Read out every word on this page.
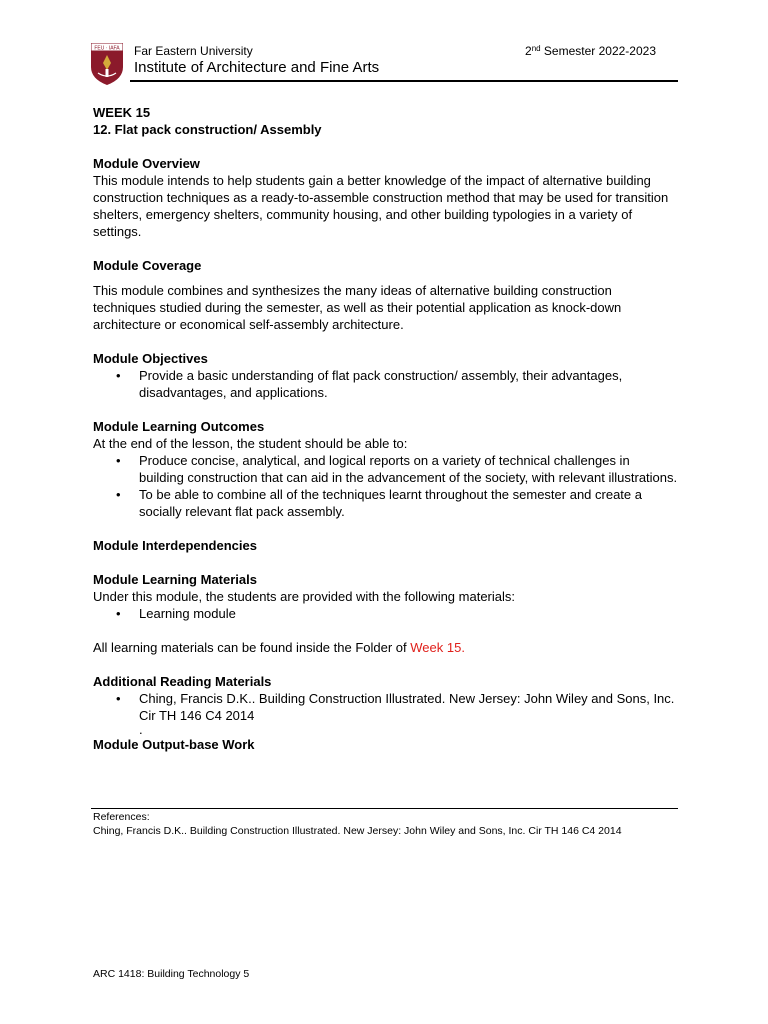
FEU · IAFA Far Eastern University
Institute of Architecture and Fine Arts
2nd Semester 2022-2023

WEEK 15

12. Flat pack construction/ Assembly

Module Overview

This module intends to help students gain a better knowledge of the impact of alternative building construction techniques as a ready-to-assemble construction method that may be used for transition shelters, emergency shelters, community housing, and other building typologies in a variety of settings.

Module Coverage

This module combines and synthesizes the many ideas of alternative building construction techniques studied during the semester, as well as their potential application as knock-down architecture or economical self-assembly architecture.

Module Objectives

• Provide a basic understanding of flat pack construction/ assembly, their advantages, disadvantages, and applications.

Module Learning Outcomes

At the end of the lesson, the student should be able to:

• Produce concise, analytical, and logical reports on a variety of technical challenges in building construction that can aid in the advancement of the society, with relevant illustrations.
• To be able to combine all of the techniques learnt throughout the semester and create a socially relevant flat pack assembly.

Module Interdependencies

Module Learning Materials

Under this module, the students are provided with the following materials:

• Learning module

All learning materials can be found inside the Folder of Week 15.

Additional Reading Materials

• Ching, Francis D.K.. Building Construction Illustrated. New Jersey: John Wiley and Sons, Inc. Cir TH 146 C4 2014
.

Module Output-base Work

References:
Ching, Francis D.K.. Building Construction Illustrated. New Jersey: John Wiley and Sons, Inc. Cir TH 146 C4 2014
ARC 1418: Building Technology 5
